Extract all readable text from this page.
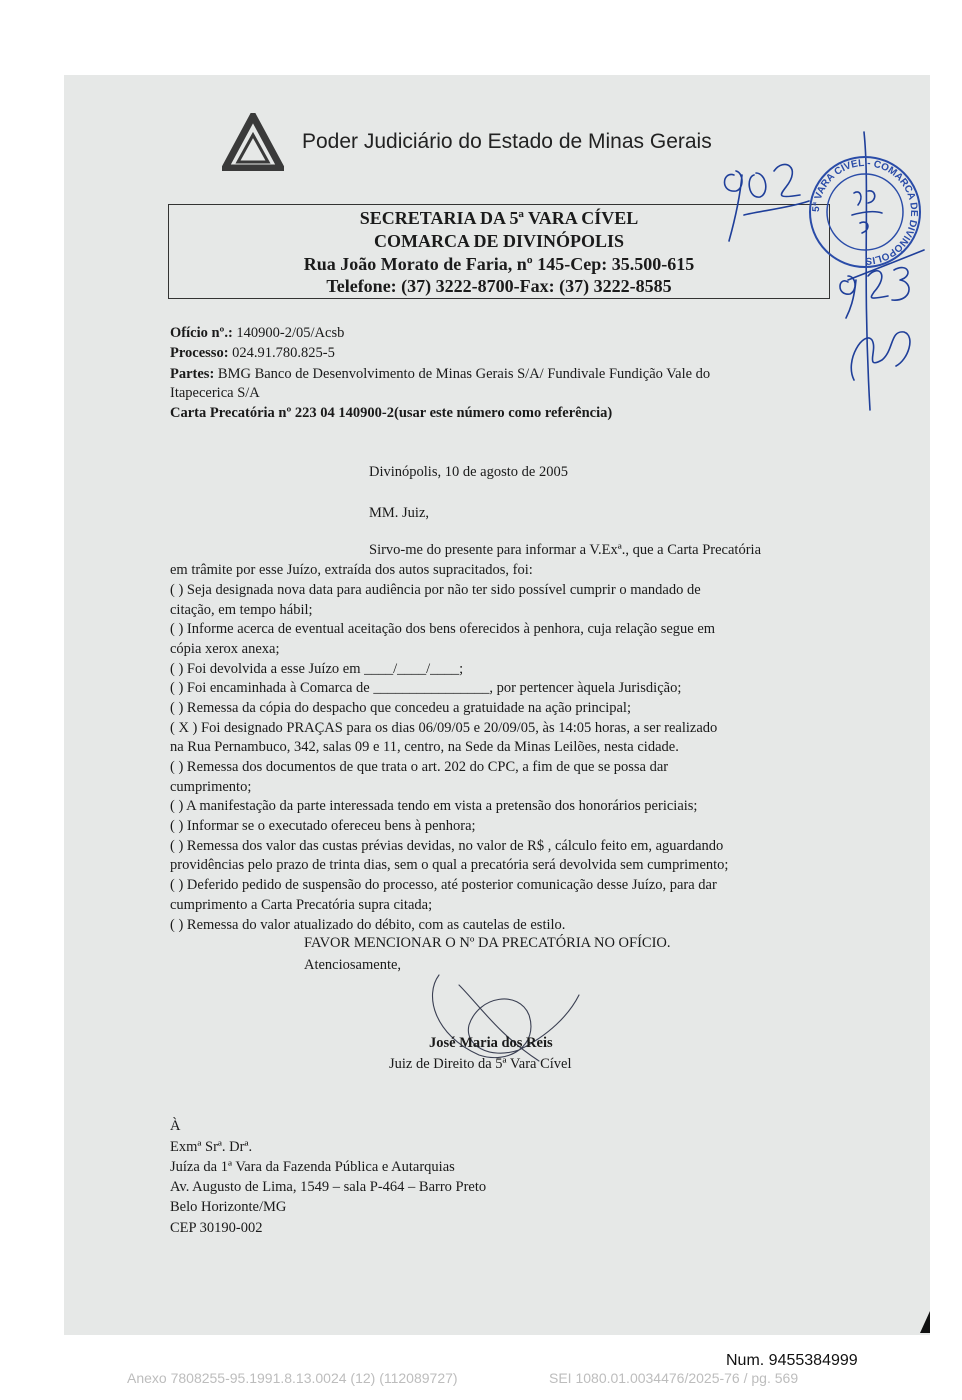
Poder Judiciário do Estado de Minas Gerais
SECRETARIA DA 5ª VARA CÍVEL
COMARCA DE DIVINÓPOLIS
Rua João Morato de Faria, nº 145-Cep: 35.500-615
Telefone: (37) 3222-8700-Fax: (37) 3222-8585
5ª VARA CÍVEL - COMARCA DE DIVINÓPOLIS
Ofício nº.: 140900-2/05/Acsb
Processo: 024.91.780.825-5
Partes: BMG Banco de Desenvolvimento de Minas Gerais S/A/ Fundivale Fundição Vale do
Itapecerica S/A
Carta Precatória nº 223 04 140900-2(usar este número como referência)
Divinópolis, 10 de agosto de 2005
MM. Juiz,
Sirvo-me do presente para informar a V.Exª., que a Carta Precatória
em trâmite por esse Juízo, extraída dos autos supracitados, foi:
( ) Seja designada nova data para audiência por não ter sido possível cumprir o mandado de
citação, em tempo hábil;
( ) Informe acerca de eventual aceitação dos bens oferecidos à penhora, cuja relação segue em
cópia xerox anexa;
( ) Foi devolvida a esse Juízo em ____/____/____;
( ) Foi encaminhada à Comarca de ________________, por pertencer àquela Jurisdição;
( ) Remessa da cópia do despacho que concedeu a gratuidade na ação principal;
( X ) Foi designado PRAÇAS para os dias 06/09/05 e 20/09/05, às 14:05 horas, a ser realizado
na Rua Pernambuco, 342, salas 09 e 11, centro, na Sede da Minas Leilões, nesta cidade.
( ) Remessa dos documentos de que trata o art. 202 do CPC, a fim de que se possa dar
cumprimento;
( ) A manifestação da parte interessada tendo em vista a pretensão dos honorários periciais;
( ) Informar se o executado ofereceu bens à penhora;
( ) Remessa dos valor das custas prévias devidas, no valor de R$ , cálculo feito em, aguardando
providências pelo prazo de trinta dias, sem o qual a precatória será devolvida sem cumprimento;
( ) Deferido pedido de suspensão do processo, até posterior comunicação desse Juízo, para dar
cumprimento a Carta Precatória supra citada;
( ) Remessa do valor atualizado do débito, com as cautelas de estilo.
FAVOR MENCIONAR O Nº DA PRECATÓRIA NO OFÍCIO.
Atenciosamente,
José Maria dos Reis
Juiz de Direito da 5ª Vara Cível
À
Exmª Srª. Drª.
Juíza da 1ª Vara da Fazenda Pública e Autarquias
Av. Augusto de Lima, 1549 – sala P-464 – Barro Preto
Belo Horizonte/MG
CEP 30190-002
Num. 9455384999
Anexo 7808255-95.1991.8.13.0024 (12) (112089727)	SEI 1080.01.0034476/2025-76 / pg. 569
